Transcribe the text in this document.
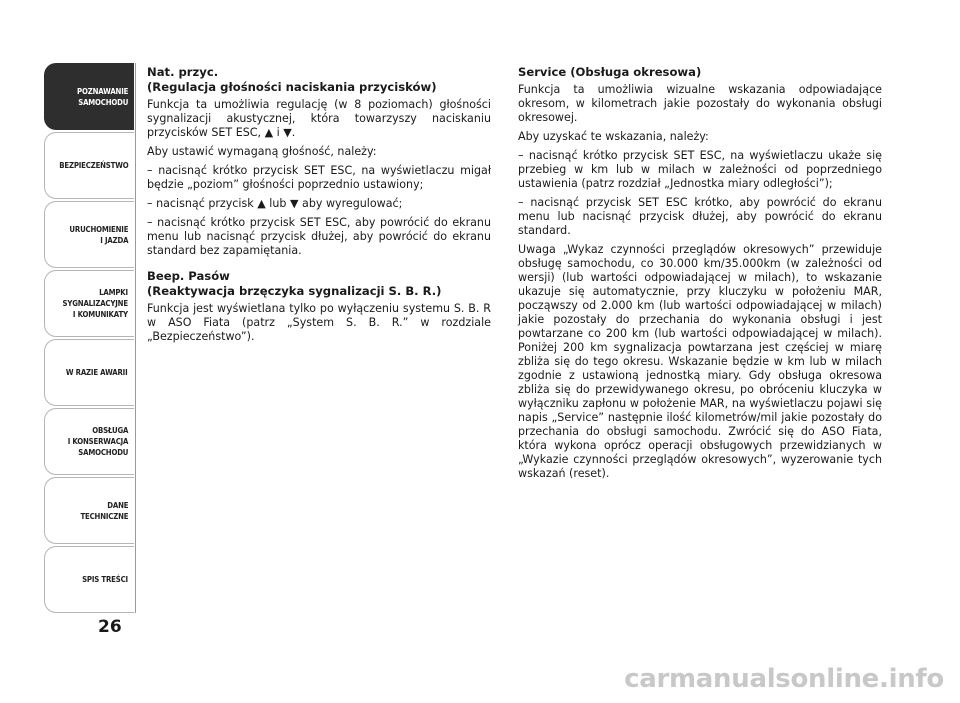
POZNAWANIE
SAMOCHODU
BEZPIECZEŃSTWO
URUCHOMIENIE
I JAZDA
LAMPKI
SYGNALIZACYJNE
I KOMUNIKATY
W RAZIE AWARII
OBSŁUGA
I KONSERWACJA
SAMOCHODU
DANE
TECHNICZNE
SPIS TREŚCI
26
Nat. przyc.
(Regulacja głośności naciskania przycisków)

Funkcja ta umożliwia regulację (w 8 poziomach) głośności sygnalizacji akustycznej, która towarzyszy naciskaniu przycisków SET ESC, ▲ i ▼.

Aby ustawić wymaganą głośność, należy:

– nacisnąć krótko przycisk SET ESC, na wyświetlaczu migał będzie „poziom” głośności poprzednio ustawiony;

– nacisnąć przycisk ▲ lub ▼ aby wyregulować;

– nacisnąć krótko przycisk SET ESC, aby powrócić do ekranu menu lub nacisnąć przycisk dłużej, aby powrócić do ekranu standard bez zapamiętania.

Beep. Pasów
(Reaktywacja brzęczyka sygnalizacji S. B. R.)

Funkcja jest wyświetlana tylko po wyłączeniu systemu S. B. R w ASO Fiata (patrz „System S. B. R.” w rozdziale „Bezpieczeństwo”).

Service (Obsługa okresowa)

Funkcja ta umożliwia wizualne wskazania odpowiadające okresom, w kilometrach jakie pozostały do wykonania obsługi okresowej.

Aby uzyskać te wskazania, należy:

– nacisnąć krótko przycisk SET ESC, na wyświetlaczu ukaże się przebieg w km lub w milach w zależności od poprzedniego ustawienia (patrz rozdział „Jednostka miary odległości”);

– nacisnąć przycisk SET ESC krótko, aby powrócić do ekranu menu lub nacisnąć przycisk dłużej, aby powrócić do ekranu standard.

Uwaga „Wykaz czynności przeglądów okresowych” przewiduje obsługę samochodu, co 30.000 km/35.000km (w zależności od wersji) (lub wartości odpowiadającej w milach), to wskazanie ukazuje się automatycznie, przy kluczyku w położeniu MAR, począwszy od 2.000 km (lub wartości odpowiadającej w milach) jakie pozostały do przechania do wykonania obsługi i jest powtarzane co 200 km (lub wartości odpowiadającej w milach). Poniżej 200 km sygnalizacja powtarzana jest częściej w miarę zbliża się do tego okresu. Wskazanie będzie w km lub w milach zgodnie z ustawioną jednostką miary. Gdy obsługa okresowa zbliża się do przewidywanego okresu, po obróceniu kluczyka w wyłączniku zapłonu w położenie MAR, na wyświetlaczu pojawi się napis „Service” następnie ilość kilometrów/mil jakie pozostały do przechania do obsługi samochodu. Zwrócić się do ASO Fiata, która wykona oprócz operacji obsługowych przewidzianych w „Wykazie czynności przeglądów okresowych”, wyzerowanie tych wskazań (reset).

carmanualsonline.info
